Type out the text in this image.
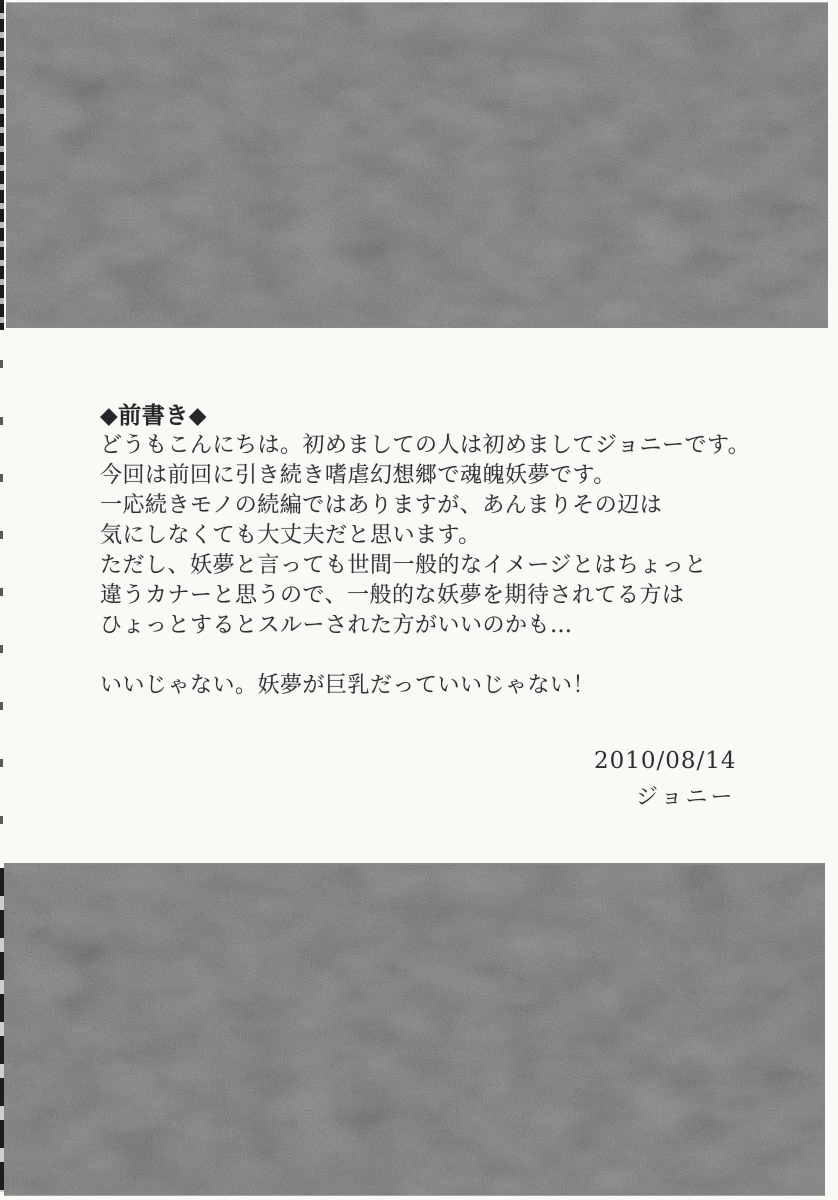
◆前書き◆
どうもこんにちは。初めましての人は初めましてジョニーです。
今回は前回に引き続き嗜虐幻想郷で魂魄妖夢です。
一応続きモノの続編ではありますが、あんまりその辺は
気にしなくても大丈夫だと思います。
ただし、妖夢と言っても世間一般的なイメージとはちょっと
違うカナーと思うので、一般的な妖夢を期待されてる方は
ひょっとするとスルーされた方がいいのかも…
いいじゃない。妖夢が巨乳だっていいじゃない！
2010/08/14
ジョニー
